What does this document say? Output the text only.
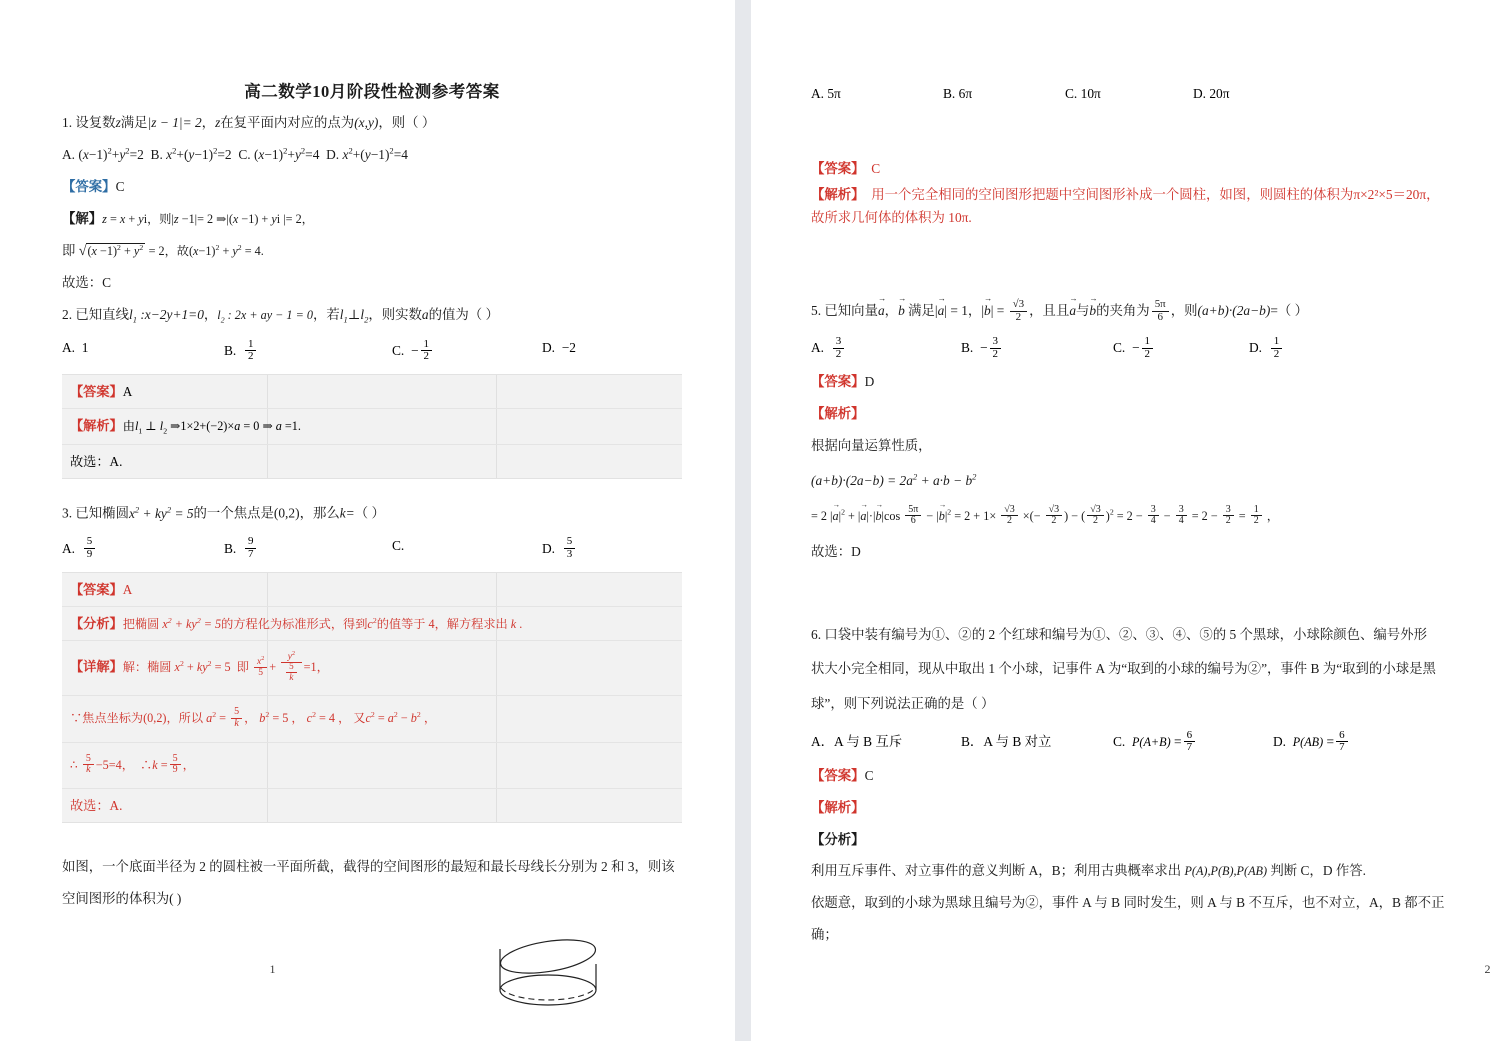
高二数学10月阶段性检测参考答案
1. 设复数z满足|z − 1|= 2，z在复平面内对应的点为(x,y)，则（ ）
A. $(x-1)^2+y^2=2$ B. $x^2+(y-1)^2=2$ C. $(x-1)^2+y^2=4$ D. $x^2+(y-1)^2=4$
【答案】C
【解】z = x + yi，则|z −1|= 2 ⇒|(x −1) + yi |= 2，
即 $√(x -1)^2 + y^2 = 2$，故$(x-1)^2 + y^2 = 4$.
故选：C
2. 已知直线$l_1$ :x−2y+1=0，$l_2$ : 2x + ay − 1 = 0，若$l_1\perp l_2$，则实数a的值为（ ）
A.  1	B. $\frac{1}{2}$	C.  − $\frac{1}{2}$	D.  −2
【答案】A
【解析】由$l_1$ ⊥ $l_2$ ⇒1×2+(−2)×a = 0 ⇒ a =1.
故选：A.
3. 已知椭圆$x^2 + ky^2 = 5$的一个焦点是(0,2)，那么k=（ ）
A. $\frac{5}{9}$	B. $\frac{9}{7}$	C.	D. $\frac{5}{3}$
【答案】A
【分析】把椭圆 $x^2 + ky^2 = 5$的方程化为标准形式，得到$c^2$的值等于 4，解方程求出 k .
【详解】解：椭圆 $x^2 + ky^2 = 5$  即 $\frac{x^2}{5} + \frac{y^2}{\frac{5}{k}} =1$，
∵焦点坐标为(0,2)，所以 $a^2 = \frac{5}{k}$ ， $b^2 = 5$ ， $c^2 = 4$ ， 又$c^2 = a^2 - b^2$ ，
∴ $\frac{5}{k} -5=4$，  ∴k = $\frac{5}{9}$ ，
故选：A.
如图，一个底面半径为 2 的圆柱被一平面所截，截得的空间图形的最短和最长母线长分别为 2 和 3，则该
空间图形的体积为( )
1
A. 5π	B. 6π	C. 10π	D. 20π
【答案】 C
【解析】 用一个完全相同的空间图形把题中空间图形补成一个圆柱，如图，则圆柱的体积为π×2²×5＝20π，
故所求几何体的体积为 10π.
5. 已知向量a →，b → 满足|a →| = 1，|b →| = $\frac{√3}{2}$ ，且且a →与b →的夹角为 $\frac{5\pi}{6}$ ，则(a+b)·(2a−b)=（ ）
A. $\frac{3}{2}$	B.  − $\frac{3}{2}$	C.  − $\frac{1}{2}$	D. $\frac{1}{2}$
【答案】D
【解析】
根据向量运算性质，
$(a+b)\cdot(2a-b) = 2a^2 + a\cdot b - b^2$
= 2 $|a \to|^2 + |a \to|\cdot|b \to|\cos \frac{5\pi}{6} - |b \to|^2 = 2 + 1\times \frac{√3}{2}$ ×(− $\frac{√3}{2}$ ) − ( $\frac{√3}{2} )^2 = 2 - \frac{3}{4} - \frac{3}{4} = 2 - \frac{3}{2} = \frac{1}{2}$ ，
故选：D
6. 口袋中装有编号为①、②的 2 个红球和编号为①、②、③、④、⑤的 5 个黑球，小球除颜色、编号外形
状大小完全相同，现从中取出 1 个小球，记事件 A 为“取到的小球的编号为②”，事件 B 为“取到的小球是黑
球”，则下列说法正确的是（ ）
A．A 与 B 互斥	B．A 与 B 对立	C.  $P(A+B) = \frac{6}{7}$	D.  $P(AB) = \frac{6}{7}$
【答案】C
【解析】
【分析】
利用互斥事件、对立事件的意义判断 A，B；利用古典概率求出 P(A),P(B),P(AB) 判断 C，D 作答.
依题意，取到的小球为黑球且编号为②，事件 A 与 B 同时发生，则 A 与 B 不互斥，也不对立，A，B 都不正
确；
2
